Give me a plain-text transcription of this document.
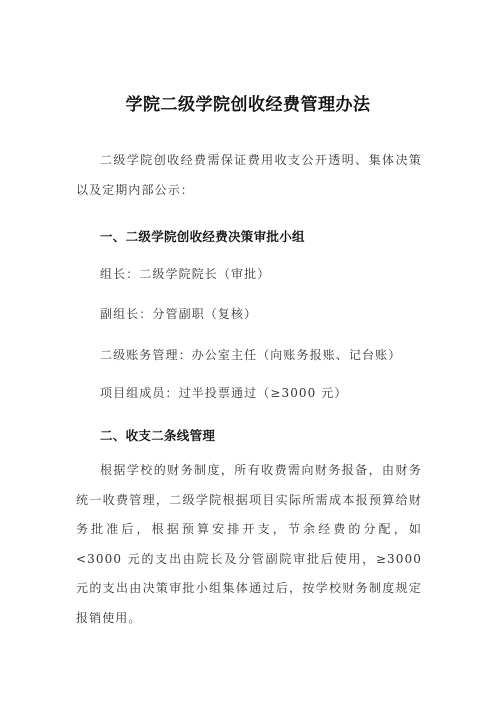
学院二级学院创收经费管理办法
二级学院创收经费需保证费用收支公开透明、集体决策以及定期内部公示：
一、二级学院创收经费决策审批小组
组长：二级学院院长（审批）
副组长：分管副职（复核）
二级账务管理：办公室主任（向账务报账、记台账）
项目组成员：过半投票通过（≥3000 元）
二、收支二条线管理
根据学校的财务制度，所有收费需向财务报备，由财务统一收费管理，二级学院根据项目实际所需成本报预算给财务批准后，根据预算安排开支，节余经费的分配，如<3000 元的支出由院长及分管副院审批后使用，≥3000 元的支出由决策审批小组集体通过后，按学校财务制度规定报销使用。
